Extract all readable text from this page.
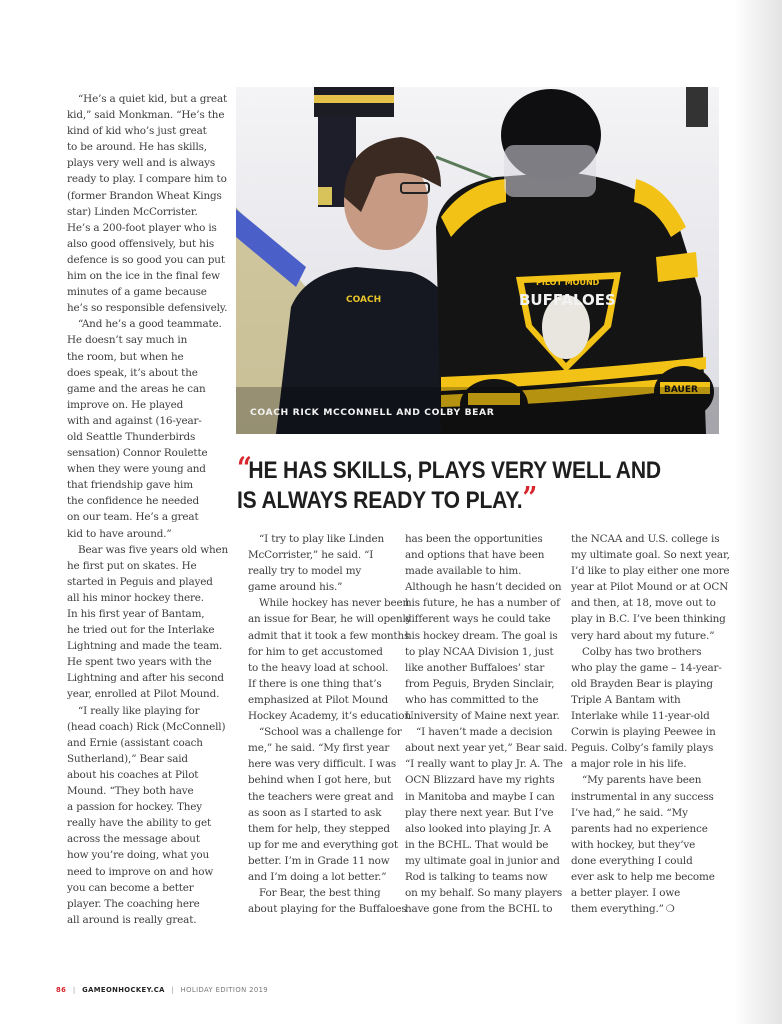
COACH
PILOT MOUND
BUFFALOES
BAUER
COACH RICK MCCONNELL AND COLBY BEAR
“HE HAS SKILLS, PLAYS VERY WELL AND
IS ALWAYS READY TO PLAY.”

“He’s a quiet kid, but a great
kid,” said Monkman. “He’s the
kind of kid who’s just great
to be around. He has skills,
plays very well and is always
ready to play. I compare him to
(former Brandon Wheat Kings
star) Linden McCorrister.
He’s a 200-foot player who is
also good offensively, but his
defence is so good you can put
him on the ice in the final few
minutes of a game because
he’s so responsible defensively.

“And he’s a good teammate.
He doesn’t say much in
the room, but when he
does speak, it’s about the
game and the areas he can
improve on. He played
with and against (16-year-
old Seattle Thunderbirds
sensation) Connor Roulette
when they were young and
that friendship gave him
the confidence he needed
on our team. He’s a great
kid to have around.”

Bear was five years old when
he first put on skates. He
started in Peguis and played
all his minor hockey there.
In his first year of Bantam,
he tried out for the Interlake
Lightning and made the team.
He spent two years with the
Lightning and after his second
year, enrolled at Pilot Mound.

“I really like playing for
(head coach) Rick (McConnell)
and Ernie (assistant coach
Sutherland),” Bear said
about his coaches at Pilot
Mound. “They both have
a passion for hockey. They
really have the ability to get
across the message about
how you’re doing, what you
need to improve on and how
you can become a better
player. The coaching here
all around is really great.

“I try to play like Linden
McCorrister,” he said. “I
really try to model my
game around his.”

While hockey has never been
an issue for Bear, he will openly
admit that it took a few months
for him to get accustomed
to the heavy load at school.
If there is one thing that’s
emphasized at Pilot Mound
Hockey Academy, it’s education.

“School was a challenge for
me,” he said. “My first year
here was very difficult. I was
behind when I got here, but
the teachers were great and
as soon as I started to ask
them for help, they stepped
up for me and everything got
better. I’m in Grade 11 now
and I’m doing a lot better.”

For Bear, the best thing
about playing for the Buffaloes

has been the opportunities
and options that have been
made available to him.
Although he hasn’t decided on
his future, he has a number of
different ways he could take
his hockey dream. The goal is
to play NCAA Division 1, just
like another Buffaloes’ star
from Peguis, Bryden Sinclair,
who has committed to the
University of Maine next year.

“I haven’t made a decision
about next year yet,” Bear said.
“I really want to play Jr. A. The
OCN Blizzard have my rights
in Manitoba and maybe I can
play there next year. But I’ve
also looked into playing Jr. A
in the BCHL. That would be
my ultimate goal in junior and
Rod is talking to teams now
on my behalf. So many players
have gone from the BCHL to

the NCAA and U.S. college is
my ultimate goal. So next year,
I’d like to play either one more
year at Pilot Mound or at OCN
and then, at 18, move out to
play in B.C. I’ve been thinking
very hard about my future.”

Colby has two brothers
who play the game – 14-year-
old Brayden Bear is playing
Triple A Bantam with
Interlake while 11-year-old
Corwin is playing Peewee in
Peguis. Colby’s family plays
a major role in his life.

“My parents have been
instrumental in any success
I’ve had,” he said. “My
parents had no experience
with hockey, but they’ve
done everything I could
ever ask to help me become
a better player. I owe
them everything.” ❍

86 | GAMEONHOCKEY.CA | HOLIDAY EDITION 2019
